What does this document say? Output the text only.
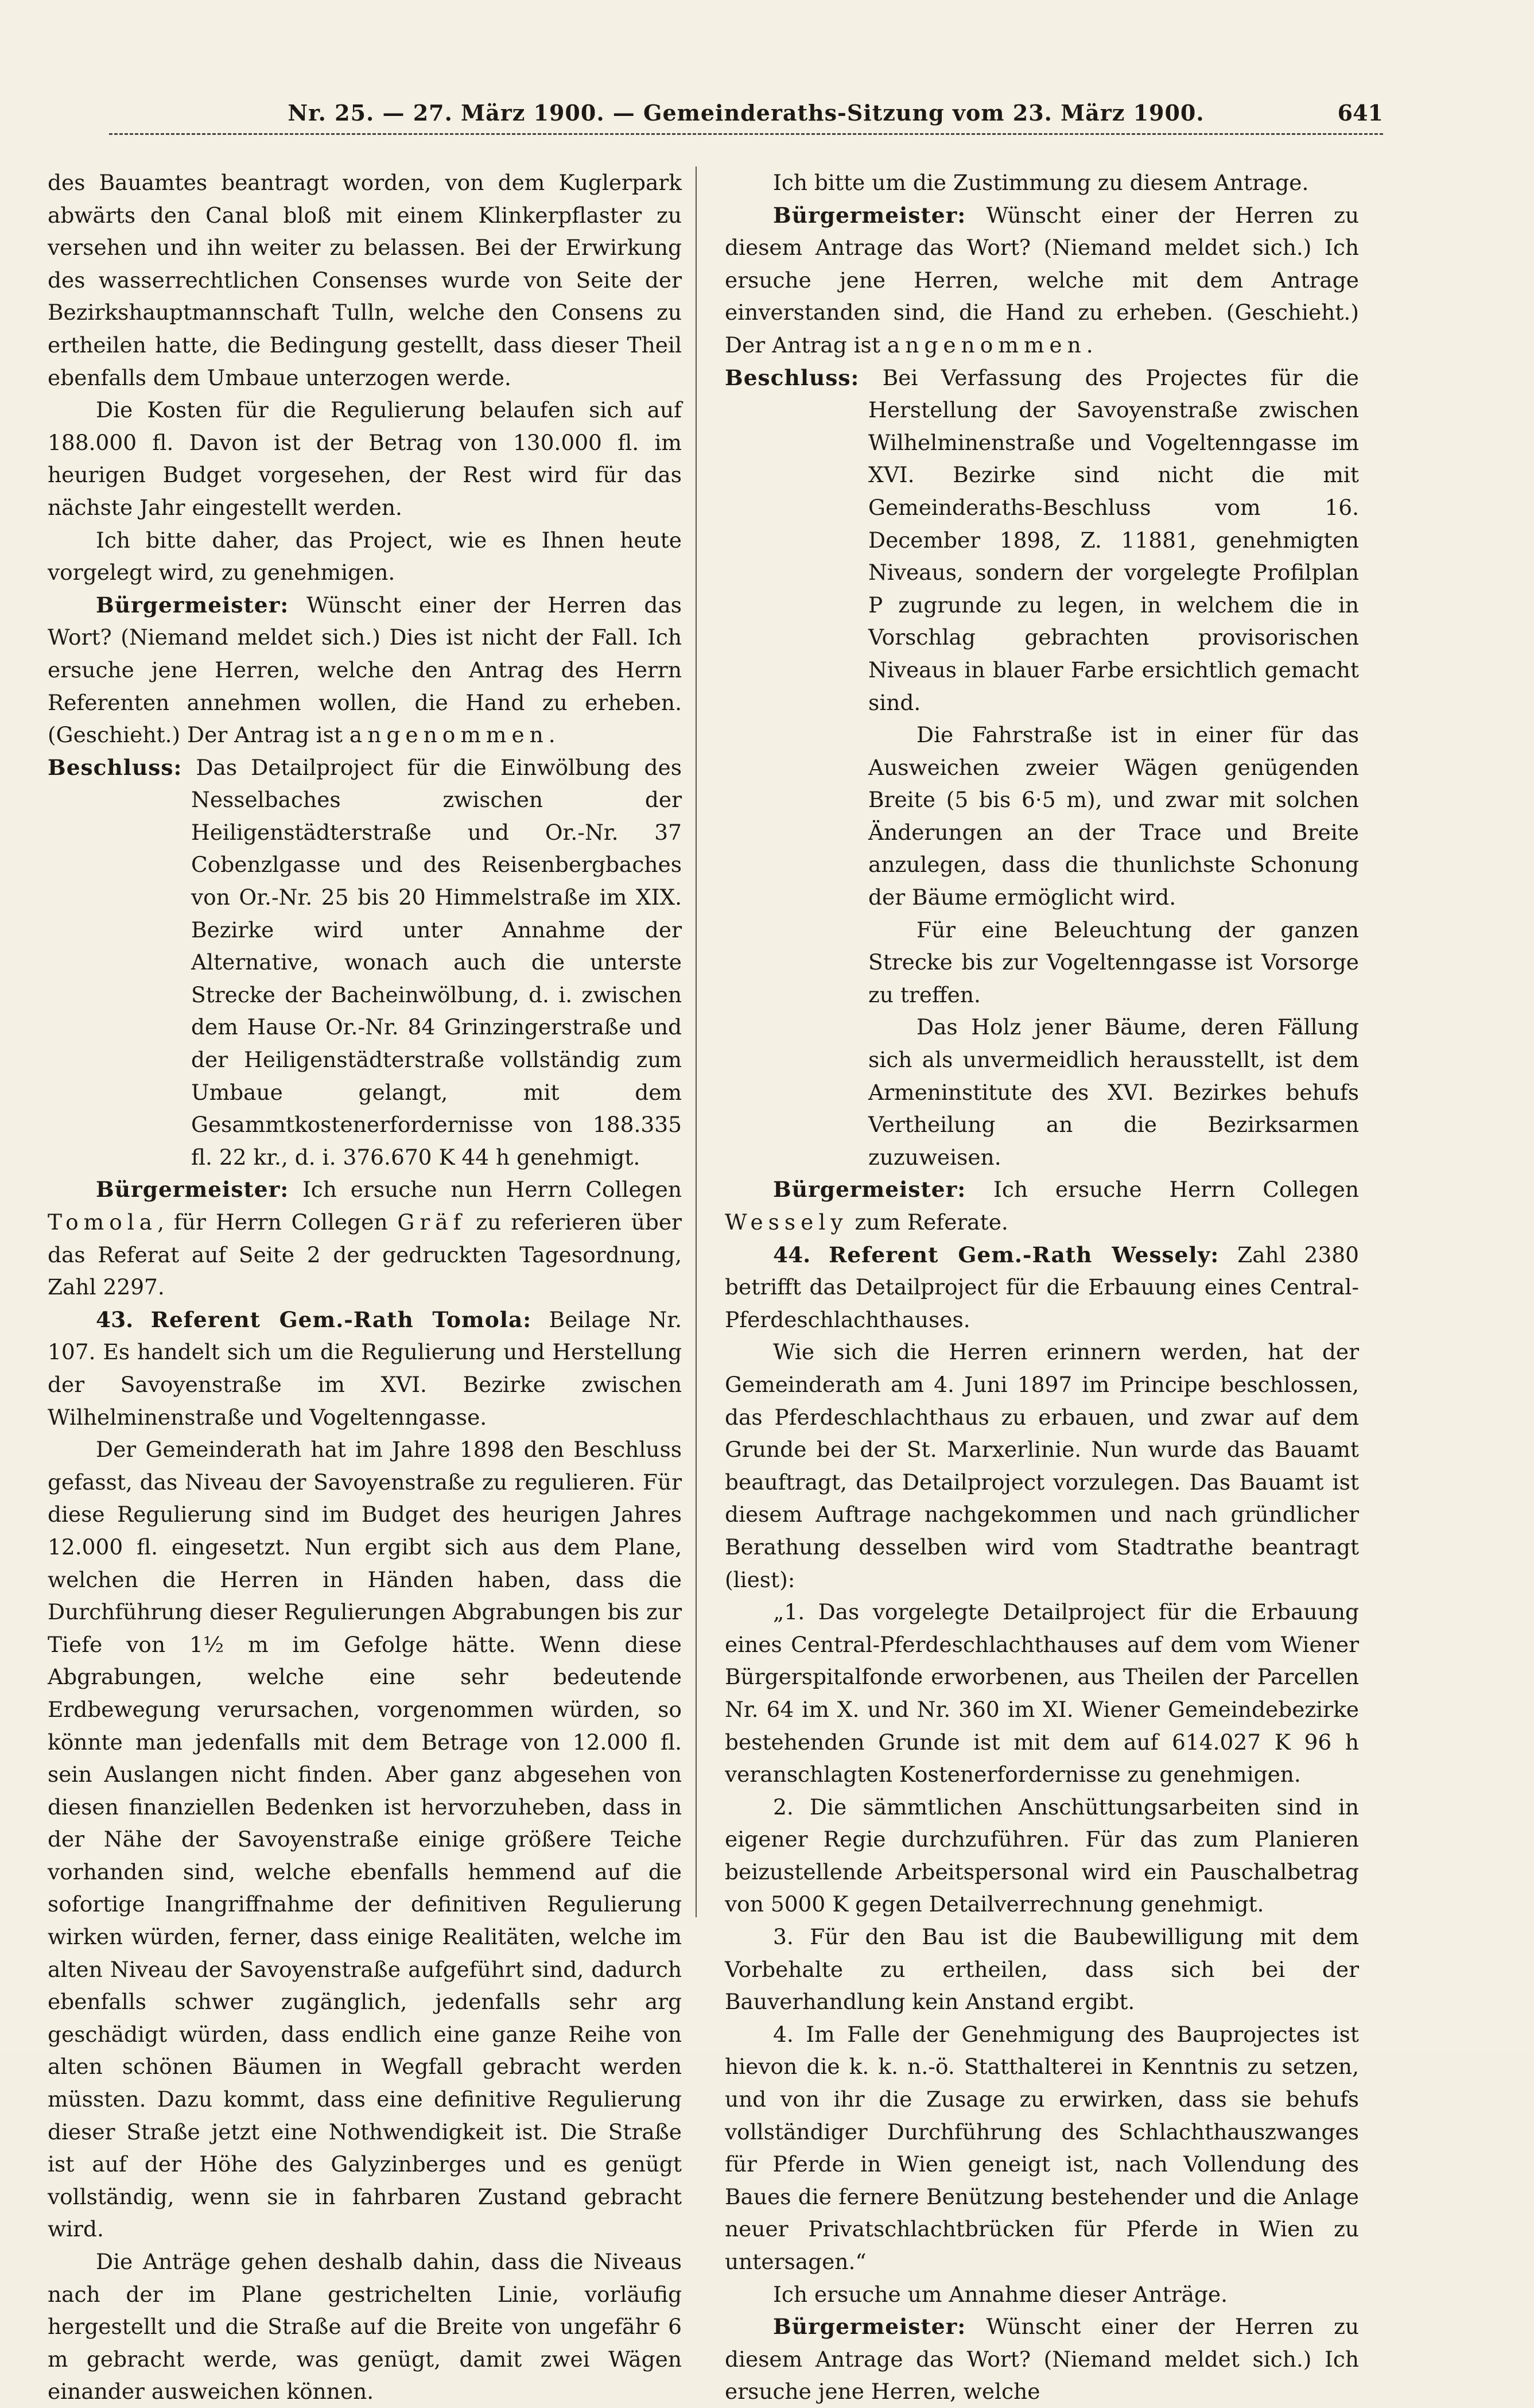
Nr. 25. — 27. März 1900. — Gemeinderaths-Sitzung vom 23. März 1900.	641

des Bauamtes beantragt worden, von dem Kuglerpark abwärts den Canal bloß mit einem Klinkerpflaster zu versehen und ihn weiter zu belassen. Bei der Erwirkung des wasserrechtlichen Consenses wurde von Seite der Bezirkshauptmannschaft Tulln, welche den Consens zu ertheilen hatte, die Bedingung gestellt, dass dieser Theil ebenfalls dem Umbaue unterzogen werde.

Die Kosten für die Regulierung belaufen sich auf 188.000 fl. Davon ist der Betrag von 130.000 fl. im heurigen Budget vorgesehen, der Rest wird für das nächste Jahr eingestellt werden.

Ich bitte daher, das Project, wie es Ihnen heute vorgelegt wird, zu genehmigen.

Bürgermeister: Wünscht einer der Herren das Wort? (Niemand meldet sich.) Dies ist nicht der Fall. Ich ersuche jene Herren, welche den Antrag des Herrn Referenten annehmen wollen, die Hand zu erheben. (Geschieht.) Der Antrag ist angenommen.

Beschluss: Das Detailproject für die Einwölbung des Nesselbaches zwischen der Heiligenstädterstraße und Or.-Nr. 37 Cobenzlgasse und des Reisenbergbaches von Or.-Nr. 25 bis 20 Himmelstraße im XIX. Bezirke wird unter Annahme der Alternative, wonach auch die unterste Strecke der Bacheinwölbung, d. i. zwischen dem Hause Or.-Nr. 84 Grinzingerstraße und der Heiligenstädterstraße vollständig zum Umbaue gelangt, mit dem Gesammtkostenerfordernisse von 188.335 fl. 22 kr., d. i. 376.670 K 44 h genehmigt.

Bürgermeister: Ich ersuche nun Herrn Collegen Tomola, für Herrn Collegen Gräf zu referieren über das Referat auf Seite 2 der gedruckten Tagesordnung, Zahl 2297.

43. Referent Gem.-Rath Tomola: Beilage Nr. 107. Es handelt sich um die Regulierung und Herstellung der Savoyenstraße im XVI. Bezirke zwischen Wilhelminenstraße und Vogeltenngasse.

Der Gemeinderath hat im Jahre 1898 den Beschluss gefasst, das Niveau der Savoyenstraße zu regulieren. Für diese Regulierung sind im Budget des heurigen Jahres 12.000 fl. eingesetzt. Nun ergibt sich aus dem Plane, welchen die Herren in Händen haben, dass die Durchführung dieser Regulierungen Abgrabungen bis zur Tiefe von 1½ m im Gefolge hätte. Wenn diese Abgrabungen, welche eine sehr bedeutende Erdbewegung verursachen, vorgenommen würden, so könnte man jedenfalls mit dem Betrage von 12.000 fl. sein Auslangen nicht finden. Aber ganz abgesehen von diesen finanziellen Bedenken ist hervorzuheben, dass in der Nähe der Savoyenstraße einige größere Teiche vorhanden sind, welche ebenfalls hemmend auf die sofortige Inangriffnahme der definitiven Regulierung wirken würden, ferner, dass einige Realitäten, welche im alten Niveau der Savoyenstraße aufgeführt sind, dadurch ebenfalls schwer zugänglich, jedenfalls sehr arg geschädigt würden, dass endlich eine ganze Reihe von alten schönen Bäumen in Wegfall gebracht werden müssten. Dazu kommt, dass eine definitive Regulierung dieser Straße jetzt eine Nothwendigkeit ist. Die Straße ist auf der Höhe des Galyzinberges und es genügt vollständig, wenn sie in fahrbaren Zustand gebracht wird.

Die Anträge gehen deshalb dahin, dass die Niveaus nach der im Plane gestrichelten Linie, vorläufig hergestellt und die Straße auf die Breite von ungefähr 6 m gebracht werde, was genügt, damit zwei Wägen einander ausweichen können.

Ich bitte um die Zustimmung zu diesem Antrage.

Bürgermeister: Wünscht einer der Herren zu diesem Antrage das Wort? (Niemand meldet sich.) Ich ersuche jene Herren, welche mit dem Antrage einverstanden sind, die Hand zu erheben. (Geschieht.) Der Antrag ist angenommen.

Beschluss: Bei Verfassung des Projectes für die Herstellung der Savoyenstraße zwischen Wilhelminenstraße und Vogeltenngasse im XVI. Bezirke sind nicht die mit Gemeinderaths-Beschluss vom 16. December 1898, Z. 11881, genehmigten Niveaus, sondern der vorgelegte Profilplan P zugrunde zu legen, in welchem die in Vorschlag gebrachten provisorischen Niveaus in blauer Farbe ersichtlich gemacht sind.

Die Fahrstraße ist in einer für das Ausweichen zweier Wägen genügenden Breite (5 bis 6·5 m), und zwar mit solchen Änderungen an der Trace und Breite anzulegen, dass die thunlichste Schonung der Bäume ermöglicht wird.

Für eine Beleuchtung der ganzen Strecke bis zur Vogeltenngasse ist Vorsorge zu treffen.

Das Holz jener Bäume, deren Fällung sich als unvermeidlich herausstellt, ist dem Armeninstitute des XVI. Bezirkes behufs Vertheilung an die Bezirksarmen zuzuweisen.

Bürgermeister: Ich ersuche Herrn Collegen Wessely zum Referate.

44. Referent Gem.-Rath Wessely: Zahl 2380 betrifft das Detailproject für die Erbauung eines Central-Pferdeschlachthauses.

Wie sich die Herren erinnern werden, hat der Gemeinderath am 4. Juni 1897 im Principe beschlossen, das Pferdeschlachthaus zu erbauen, und zwar auf dem Grunde bei der St. Marxerlinie. Nun wurde das Bauamt beauftragt, das Detailproject vorzulegen. Das Bauamt ist diesem Auftrage nachgekommen und nach gründlicher Berathung desselben wird vom Stadtrathe beantragt (liest):

„1. Das vorgelegte Detailproject für die Erbauung eines Central-Pferdeschlachthauses auf dem vom Wiener Bürgerspitalfonde erworbenen, aus Theilen der Parcellen Nr. 64 im X. und Nr. 360 im XI. Wiener Gemeindebezirke bestehenden Grunde ist mit dem auf 614.027 K 96 h veranschlagten Kostenerfordernisse zu genehmigen.

2. Die sämmtlichen Anschüttungsarbeiten sind in eigener Regie durchzuführen. Für das zum Planieren beizustellende Arbeitspersonal wird ein Pauschalbetrag von 5000 K gegen Detailverrechnung genehmigt.

3. Für den Bau ist die Baubewilligung mit dem Vorbehalte zu ertheilen, dass sich bei der Bauverhandlung kein Anstand ergibt.

4. Im Falle der Genehmigung des Bauprojectes ist hievon die k. k. n.-ö. Statthalterei in Kenntnis zu setzen, und von ihr die Zusage zu erwirken, dass sie behufs vollständiger Durchführung des Schlachthauszwanges für Pferde in Wien geneigt ist, nach Vollendung des Baues die fernere Benützung bestehender und die Anlage neuer Privatschlachtbrücken für Pferde in Wien zu untersagen.“

Ich ersuche um Annahme dieser Anträge.

Bürgermeister: Wünscht einer der Herren zu diesem Antrage das Wort? (Niemand meldet sich.) Ich ersuche jene Herren, welche
